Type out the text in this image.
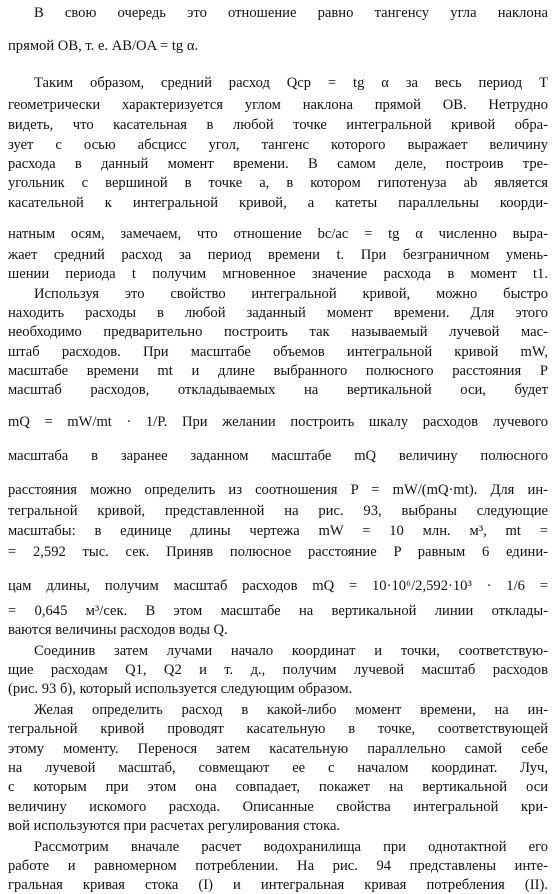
В свою очередь это отношение равно тангенсу угла наклона
прямой OB, т. е. AB/OA = tg α.
Таким образом, средний расход Qср = tg α за весь период T
геометрически характеризуется углом наклона прямой OB. Нетрудно
видеть, что касательная в любой точке интегральной кривой обра-
зует с осью абсцисс угол, тангенс которого выражает величину
расхода в данный момент времени. В самом деле, построив тре-
угольник с вершиной в точке a, в котором гипотенуза ab является
касательной к интегральной кривой, а катеты параллельны коорди-
натным осям, замечаем, что отношение bc/ac = tg α численно выра-
жает средний расход за период времени t. При безграничном умень-
шении периода t получим мгновенное значение расхода в момент t1.
Используя это свойство интегральной кривой, можно быстро
находить расходы в любой заданный момент времени. Для этого
необходимо предварительно построить так называемый лучевой мас-
штаб расходов. При масштабе объемов интегральной кривой mW,
масштабе времени mt и длине выбранного полюсного расстояния P
масштаб расходов, откладываемых на вертикальной оси, будет
mQ = mW/mt · 1/P. При желании построить шкалу расходов лучевого
масштаба в заранее заданном масштабе mQ величину полюсного
расстояния можно определить из соотношения P = mW/(mQ·mt). Для ин-
тегральной кривой, представленной на рис. 93, выбраны следующие
масштабы: в единице длины чертежа mW = 10 млн. м³, mt =
= 2,592 тыс. сек. Приняв полюсное расстояние P равным 6 едини-
цам длины, получим масштаб расходов mQ = 10·10⁶/2,592·10³ · 1/6 =
= 0,645 м³/сек. В этом масштабе на вертикальной линии отклады-
ваются величины расходов воды Q.
Соединив затем лучами начало координат и точки, соответствую-
щие расходам Q1, Q2 и т. д., получим лучевой масштаб расходов
(рис. 93 б), который используется следующим образом.
Желая определить расход в какой-либо момент времени, на ин-
тегральной кривой проводят касательную в точке, соответствующей
этому моменту. Перенося затем касательную параллельно самой себе
на лучевой масштаб, совмещают ее с началом координат. Луч,
с которым при этом она совпадает, покажет на вертикальной оси
величину искомого расхода. Описанные свойства интегральной кри-
вой используются при расчетах регулирования стока.
Рассмотрим вначале расчет водохранилища при однотактной его
работе и равномерном потреблении. На рис. 94 представлены инте-
гральная кривая стока (I) и интегральная кривая потребления (II).
